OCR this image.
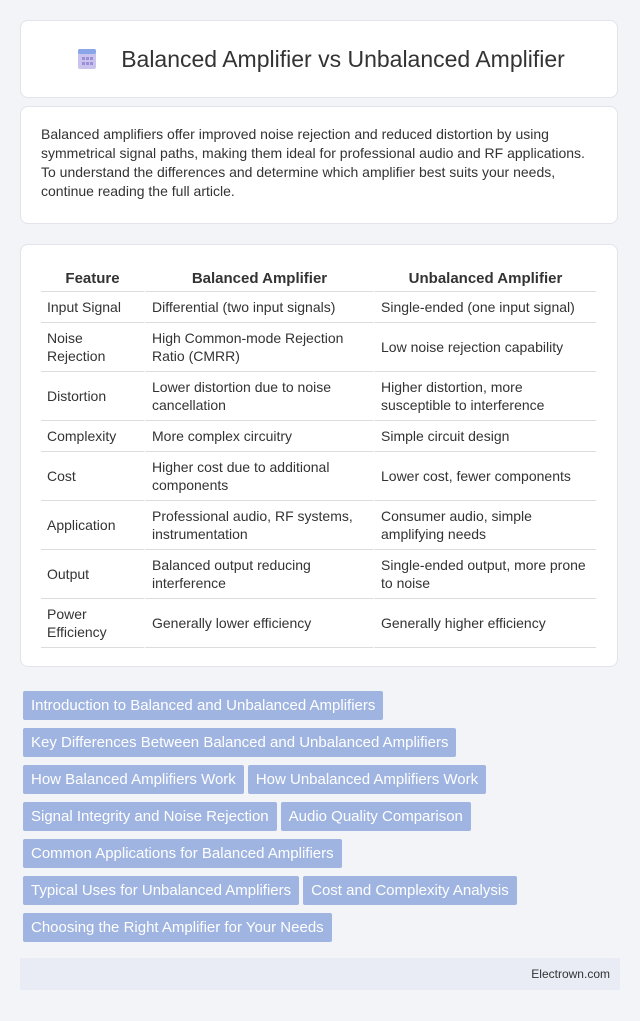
Balanced Amplifier vs Unbalanced Amplifier

Balanced amplifiers offer improved noise rejection and reduced distortion by using symmetrical signal paths, making them ideal for professional audio and RF applications. To understand the differences and determine which amplifier best suits your needs, continue reading the full article.

Feature	Balanced Amplifier	Unbalanced Amplifier
Input Signal	Differential (two input signals)	Single-ended (one input signal)
Noise Rejection	High Common-mode Rejection Ratio (CMRR)	Low noise rejection capability
Distortion	Lower distortion due to noise cancellation	Higher distortion, more susceptible to interference
Complexity	More complex circuitry	Simple circuit design
Cost	Higher cost due to additional components	Lower cost, fewer components
Application	Professional audio, RF systems, instrumentation	Consumer audio, simple amplifying needs
Output	Balanced output reducing interference	Single-ended output, more prone to noise
Power Efficiency	Generally lower efficiency	Generally higher efficiency
Introduction to Balanced and Unbalanced Amplifiers
Key Differences Between Balanced and Unbalanced Amplifiers
How Balanced Amplifiers Work How Unbalanced Amplifiers Work
Signal Integrity and Noise Rejection Audio Quality Comparison
Common Applications for Balanced Amplifiers
Typical Uses for Unbalanced Amplifiers Cost and Complexity Analysis
Choosing the Right Amplifier for Your Needs
Electrown.com
